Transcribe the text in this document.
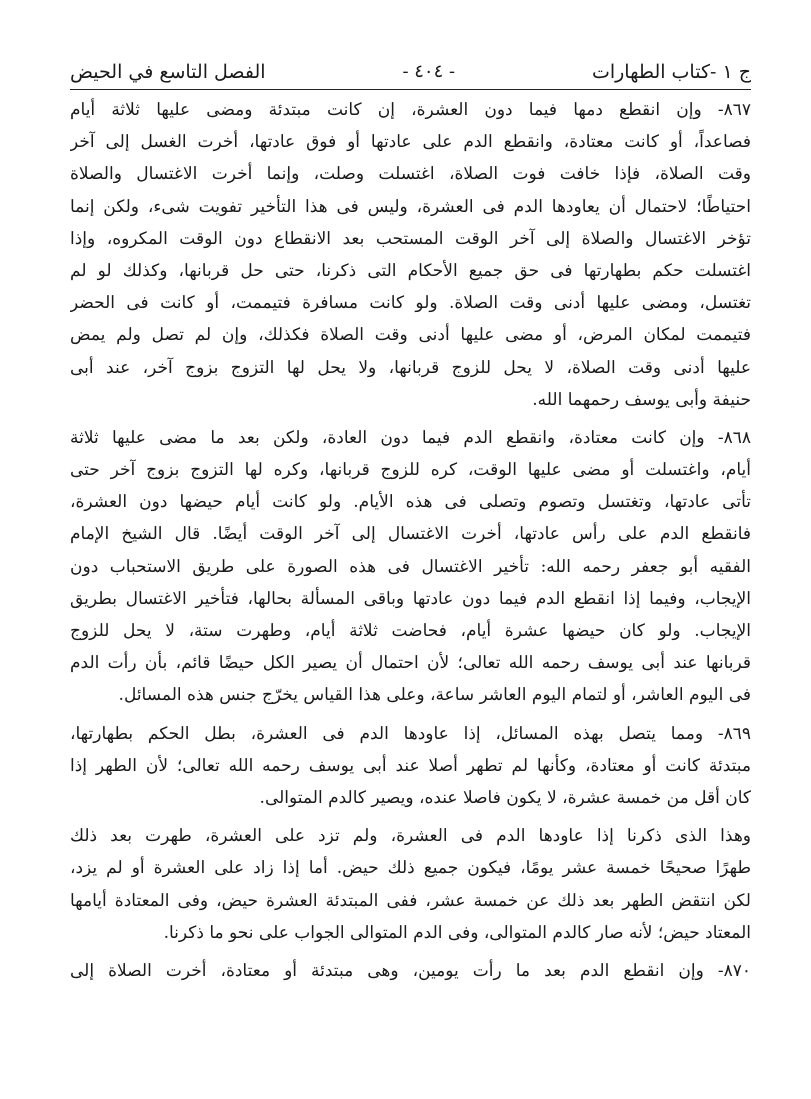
ج ١ -كتاب الطهارات
- ٤٠٤ -
الفصل التاسع في الحيض
٨٦٧- وإن انقطع دمها فيما دون العشرة، إن كانت مبتدئة ومضى عليها ثلاثة أيام
فصاعداً، أو كانت معتادة، وانقطع الدم على عادتها أو فوق عادتها، أخرت الغسل إلى آخر
وقت الصلاة، فإذا خافت فوت الصلاة، اغتسلت وصلت، وإنما أخرت الاغتسال والصلاة
احتياطًا؛ لاحتمال أن يعاودها الدم فى العشرة، وليس فى هذا التأخير تفويت شىء، ولكن إنما
تؤخر الاغتسال والصلاة إلى آخر الوقت المستحب بعد الانقطاع دون الوقت المكروه، وإذا
اغتسلت حكم بطهارتها فى حق جميع الأحكام التى ذكرنا، حتى حل قربانها، وكذلك لو لم
تغتسل، ومضى عليها أدنى وقت الصلاة. ولو كانت مسافرة فتيممت، أو كانت فى الحضر
فتيممت لمكان المرض، أو مضى عليها أدنى وقت الصلاة فكذلك، وإن لم تصل ولم يمض
عليها أدنى وقت الصلاة، لا يحل للزوج قربانها، ولا يحل لها التزوج بزوج آخر، عند أبى
حنيفة وأبى يوسف رحمهما الله.
٨٦٨- وإن كانت معتادة، وانقطع الدم فيما دون العادة، ولكن بعد ما مضى عليها ثلاثة
أيام، واغتسلت أو مضى عليها الوقت، كره للزوج قربانها، وكره لها التزوج بزوج آخر حتى
تأتى عادتها، وتغتسل وتصوم وتصلى فى هذه الأيام. ولو كانت أيام حيضها دون العشرة،
فانقطع الدم على رأس عادتها، أخرت الاغتسال إلى آخر الوقت أيضًا. قال الشيخ الإمام
الفقيه أبو جعفر رحمه الله: تأخير الاغتسال فى هذه الصورة على طريق الاستحباب دون
الإيجاب، وفيما إذا انقطع الدم فيما دون عادتها وباقى المسألة بحالها، فتأخير الاغتسال بطريق
الإيجاب. ولو كان حيضها عشرة أيام، فحاضت ثلاثة أيام، وطهرت ستة، لا يحل للزوج
قربانها عند أبى يوسف رحمه الله تعالى؛ لأن احتمال أن يصير الكل حيضًا قائم، بأن رأت الدم
فى اليوم العاشر، أو لتمام اليوم العاشر ساعة، وعلى هذا القياس يخرّج جنس هذه المسائل.
٨٦٩- ومما يتصل بهذه المسائل، إذا عاودها الدم فى العشرة، بطل الحكم بطهارتها،
مبتدئة كانت أو معتادة، وكأنها لم تطهر أصلا عند أبى يوسف رحمه الله تعالى؛ لأن الطهر إذا
كان أقل من خمسة عشرة، لا يكون فاصلا عنده، ويصير كالدم المتوالى.
وهذا الذى ذكرنا إذا عاودها الدم فى العشرة، ولم تزد على العشرة، طهرت بعد ذلك
طهرًا صحيحًا خمسة عشر يومًا، فيكون جميع ذلك حيض. أما إذا زاد على العشرة أو لم يزد،
لكن انتقض الطهر بعد ذلك عن خمسة عشر، ففى المبتدئة العشرة حيض، وفى المعتادة أيامها
المعتاد حيض؛ لأنه صار كالدم المتوالى، وفى الدم المتوالى الجواب على نحو ما ذكرنا.
٨٧٠- وإن انقطع الدم بعد ما رأت يومين، وهى مبتدئة أو معتادة، أخرت الصلاة إلى
